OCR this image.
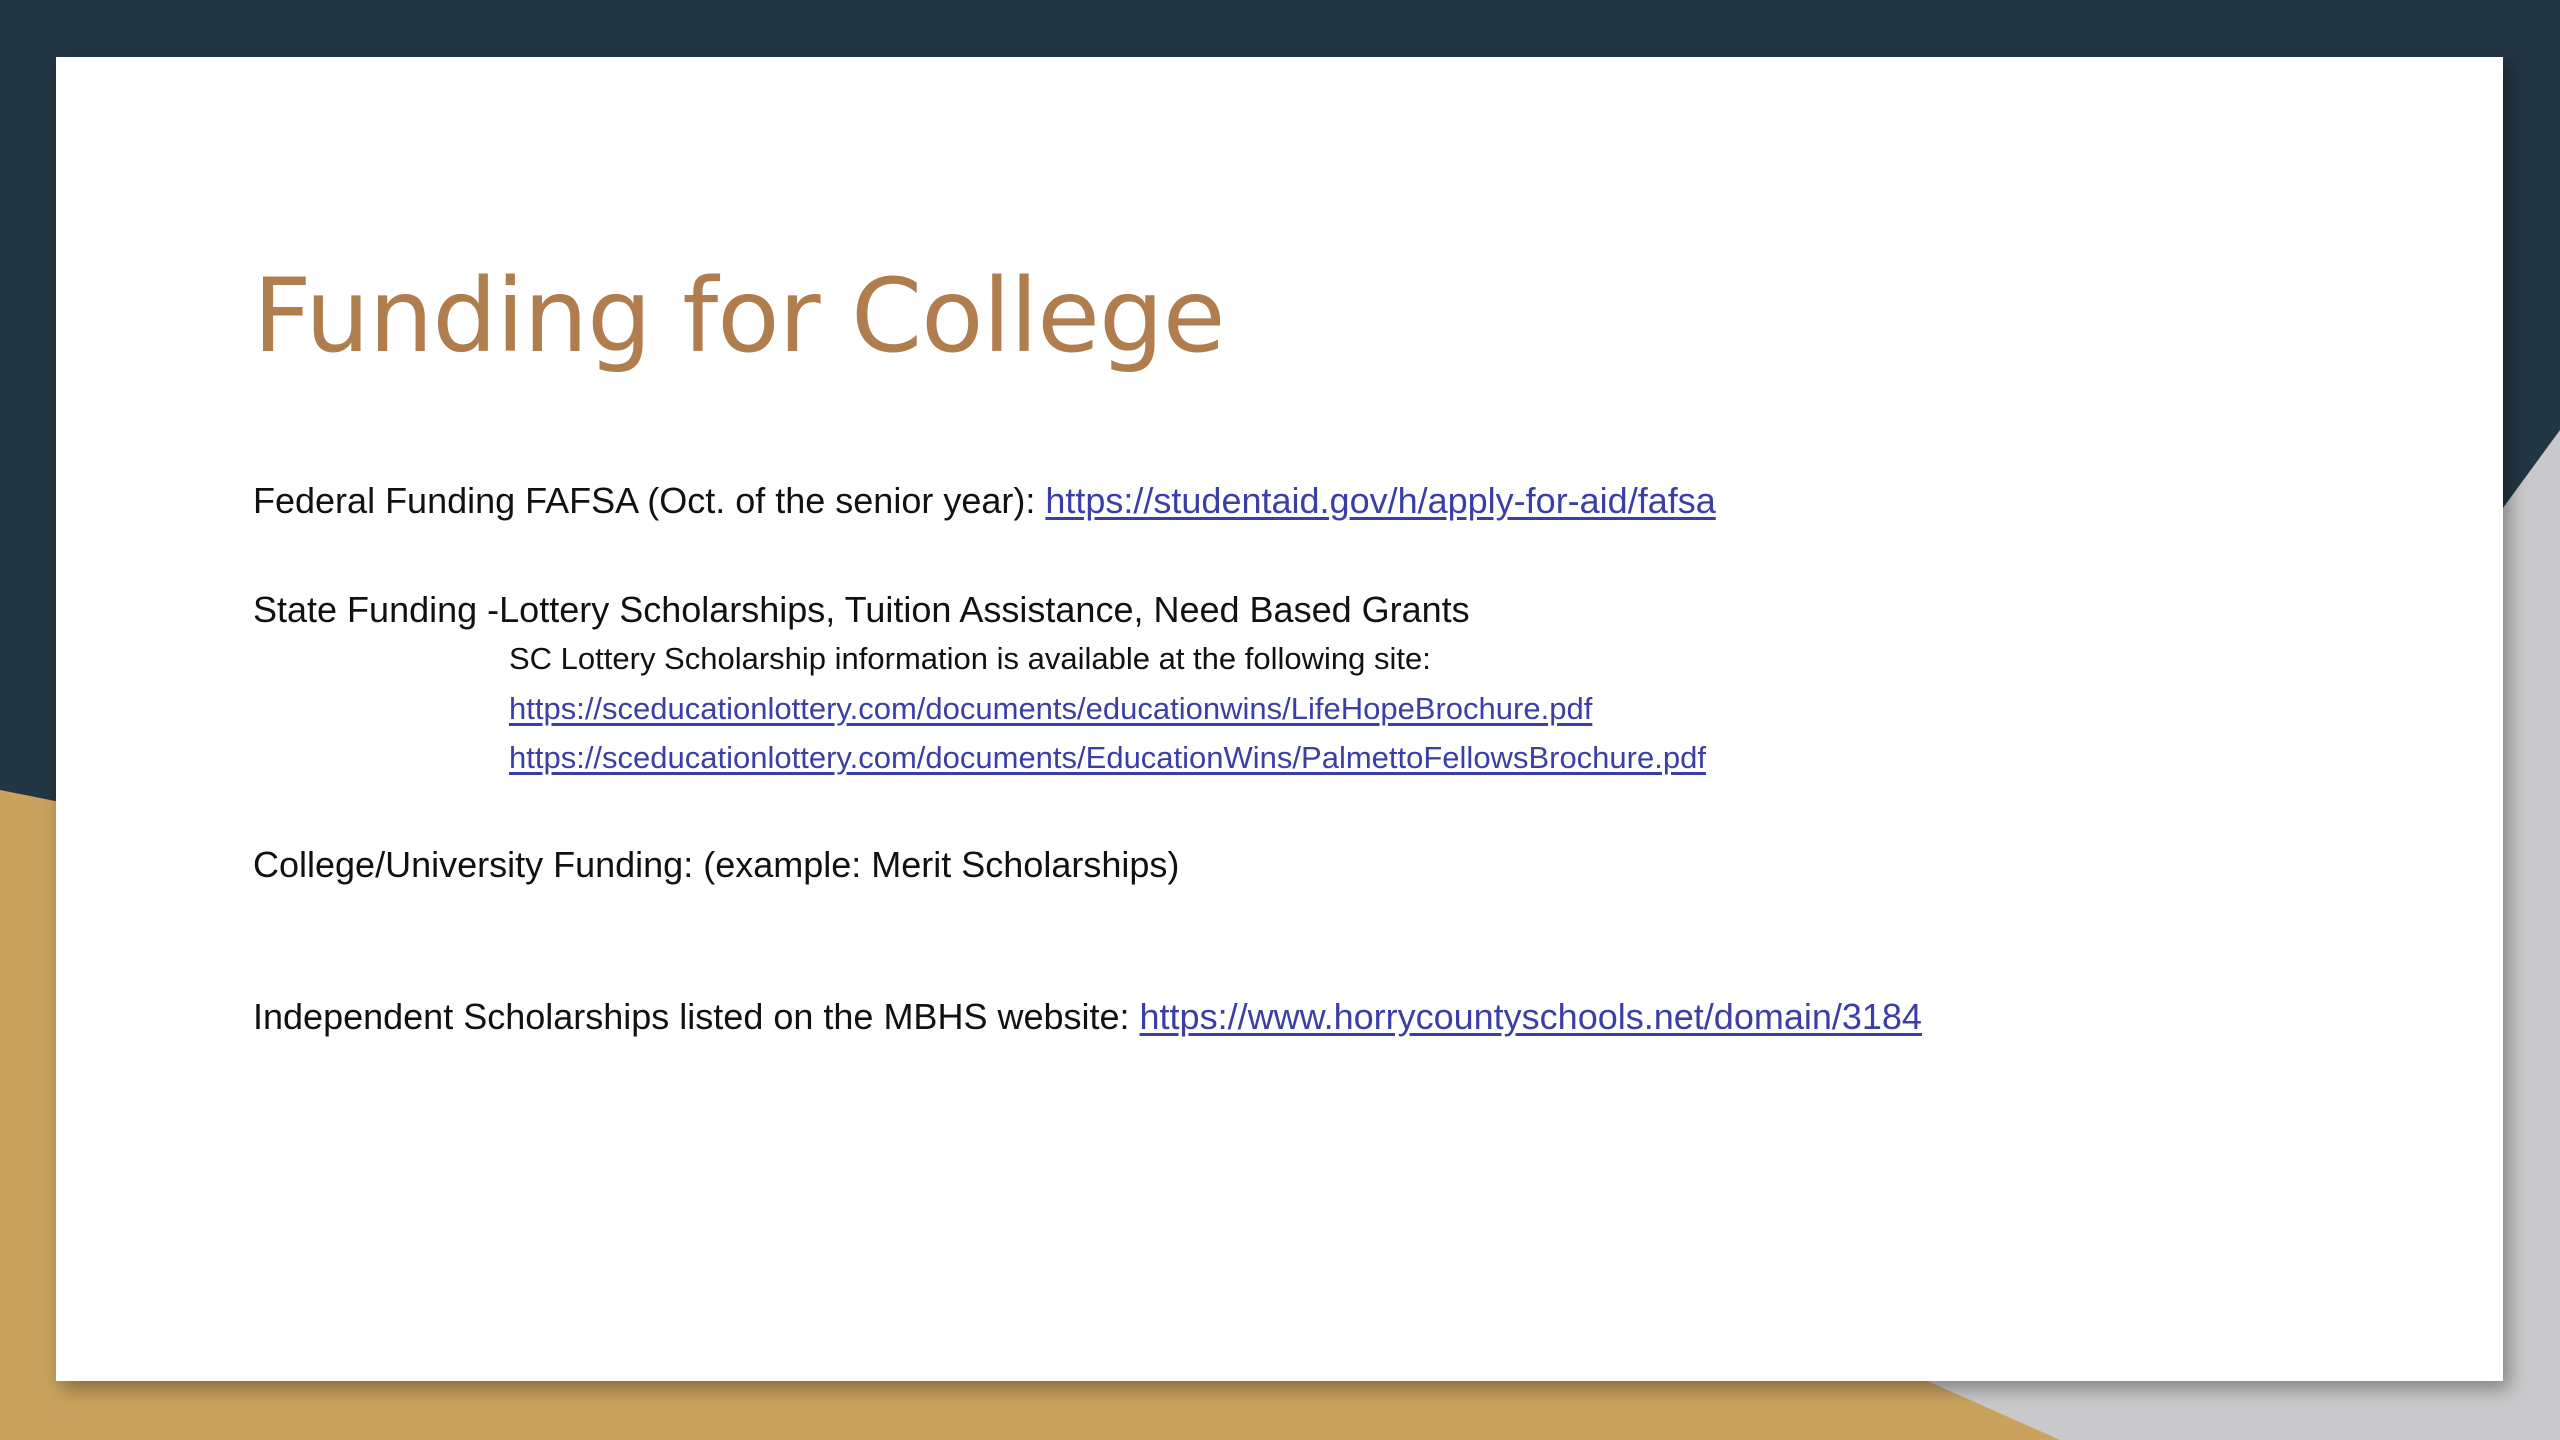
Funding for College
Federal Funding FAFSA (Oct. of the senior year): https://studentaid.gov/h/apply-for-aid/fafsa
State Funding -Lottery Scholarships, Tuition Assistance, Need Based Grants
SC Lottery Scholarship information is available at the following site:
https://sceducationlottery.com/documents/educationwins/LifeHopeBrochure.pdf
https://sceducationlottery.com/documents/EducationWins/PalmettoFellowsBrochure.pdf
College/University Funding: (example: Merit Scholarships)
Independent Scholarships listed on the MBHS website: https://www.horrycountyschools.net/domain/3184
